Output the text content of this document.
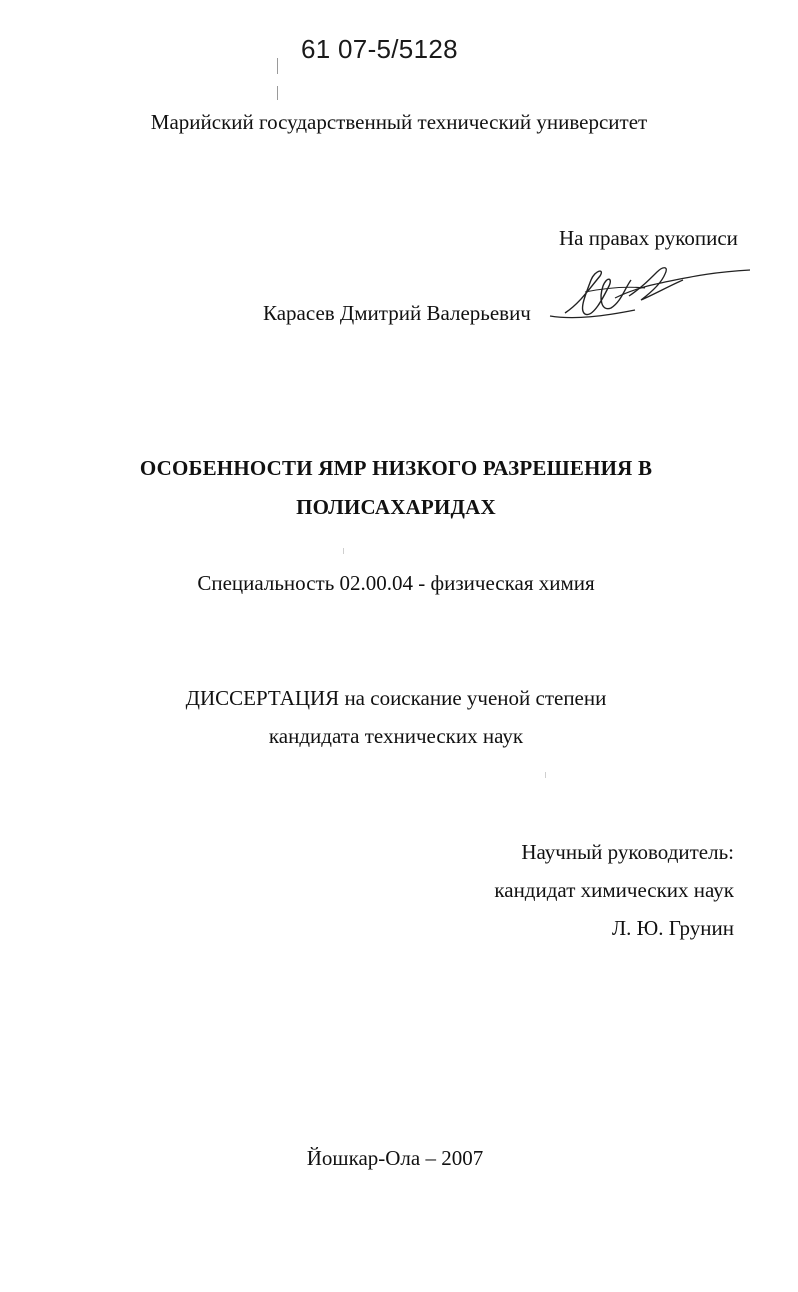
61 07-5/5128
Марийский государственный технический университет
На правах рукописи
Карасев Дмитрий Валерьевич
ОСОБЕННОСТИ ЯМР НИЗКОГО РАЗРЕШЕНИЯ В
ПОЛИСАХАРИДАХ
Специальность 02.00.04 - физическая химия
ДИССЕРТАЦИЯ на соискание ученой степени
кандидата технических наук
Научный руководитель:
кандидат химических наук
Л. Ю. Грунин
Йошкар-Ола – 2007
